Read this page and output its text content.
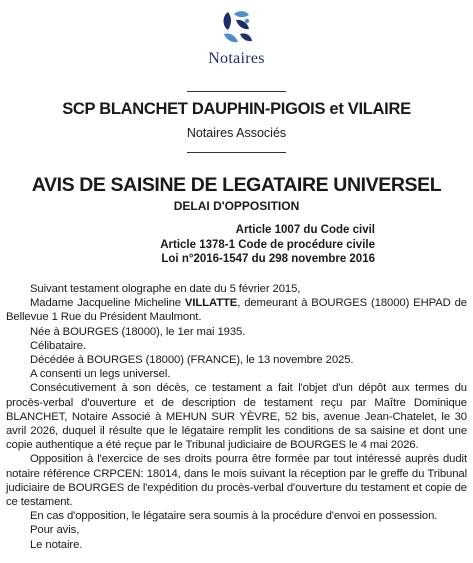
Notaires
SCP BLANCHET DAUPHIN-PIGOIS et VILAIRE
Notaires Associés
AVIS DE SAISINE DE LEGATAIRE UNIVERSEL
DELAI D'OPPOSITION
Article 1007 du Code civil
Article 1378-1 Code de procédure civile
Loi n°2016-1547 du 298 novembre 2016

Suivant testament olographe en date du 5 février 2015,

Madame Jacqueline Micheline VILLATTE, demeurant à BOURGES (18000) EHPAD de Bellevue 1 Rue du Président Maulmont.

Née à BOURGES (18000), le 1er mai 1935.

Célibataire.

Décédée à BOURGES (18000) (FRANCE), le 13 novembre 2025.

A consenti un legs universel.

Consécutivement à son décès, ce testament a fait l'objet d'un dépôt aux termes du procès-verbal d'ouverture et de description de testament reçu par Maître Dominique BLANCHET, Notaire Associé à MEHUN SUR YÈVRE, 52 bis, avenue Jean-Chatelet, le 30 avril 2026, duquel il résulte que le légataire remplit les conditions de sa saisine et dont une copie authentique a été reçue par le Tribunal judiciaire de BOURGES le 4 mai 2026.

Opposition à l'exercice de ses droits pourra être formée par tout intéressé auprès dudit notaire référence CRPCEN: 18014, dans le mois suivant la réception par le greffe du Tribunal judiciaire de BOURGES de l'expédition du procès-verbal d'ouverture du testament et copie de ce testament.

En cas d'opposition, le légataire sera soumis à la procédure d'envoi en possession.

Pour avis,

Le notaire.
